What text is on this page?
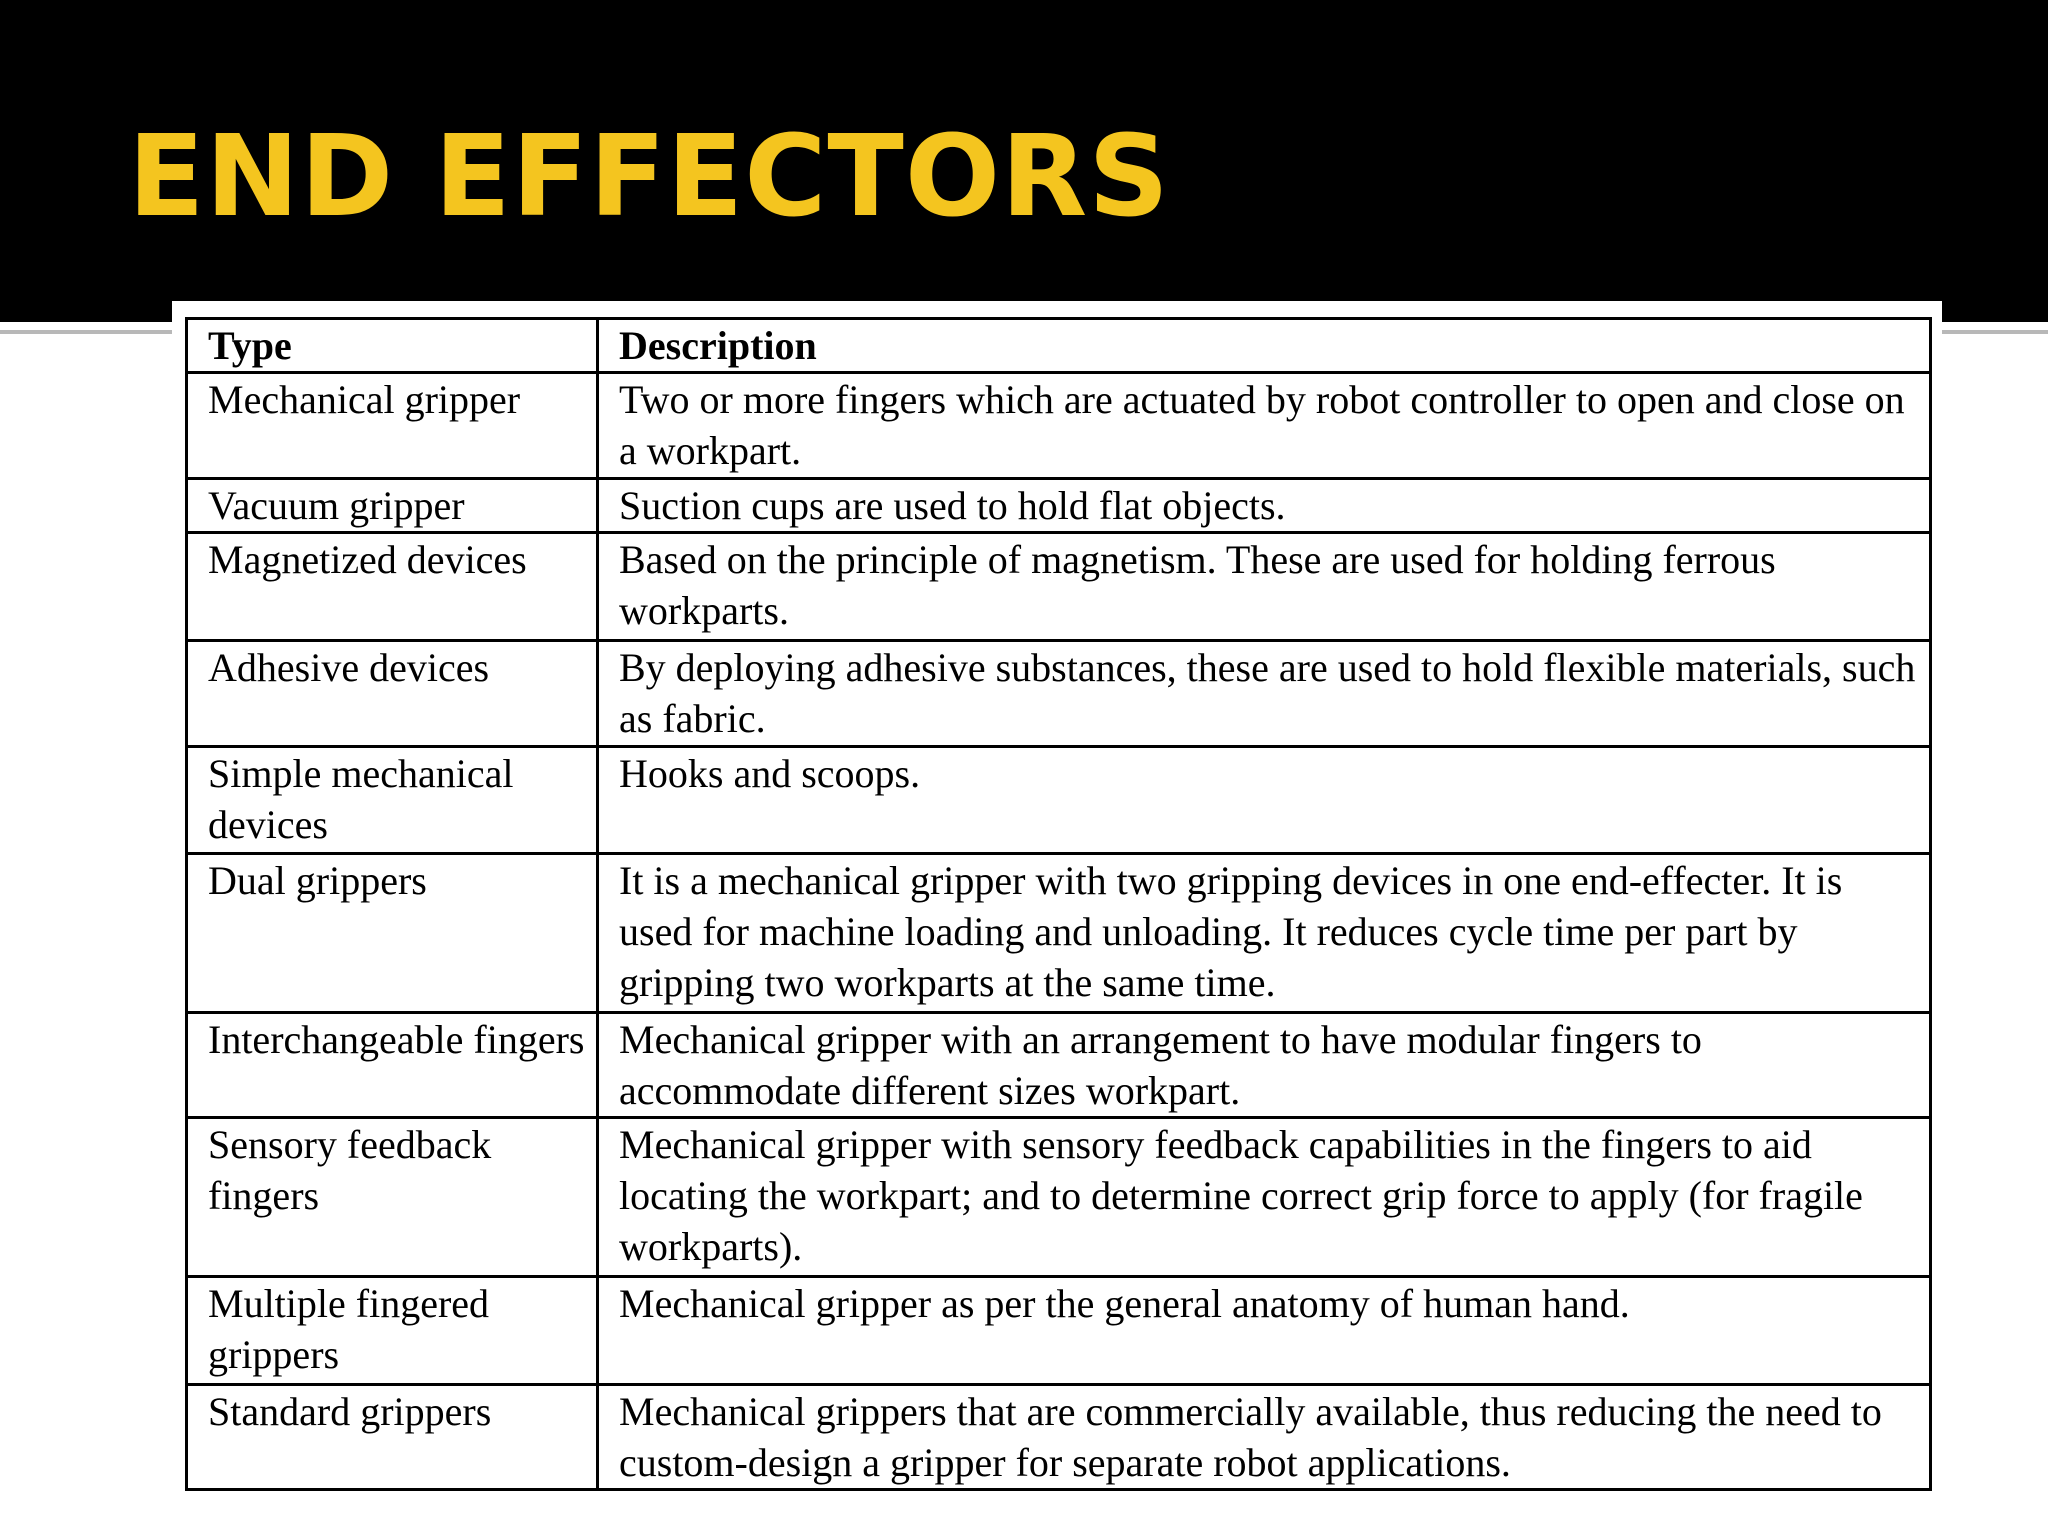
END EFFECTORS
Type	Description
Mechanical gripper	Two or more fingers which are actuated by robot controller to open and close on a workpart.
Vacuum gripper	Suction cups are used to hold flat objects.
Magnetized devices	Based on the principle of magnetism. These are used for holding ferrous workparts.
Adhesive devices	By deploying adhesive substances, these are used to hold flexible materials, such as fabric.
Simple mechanical devices	Hooks and scoops.
Dual grippers	It is a mechanical gripper with two gripping devices in one end-effecter. It is used for machine loading and unloading. It reduces cycle time per part by gripping two workparts at the same time.
Interchangeable fingers	Mechanical gripper with an arrangement to have modular fingers to accommodate different sizes workpart.
Sensory feedback fingers	Mechanical gripper with sensory feedback capabilities in the fingers to aid locating the workpart; and to determine correct grip force to apply (for fragile workparts).
Multiple fingered grippers	Mechanical gripper as per the general anatomy of human hand.
Standard grippers	Mechanical grippers that are commercially available, thus reducing the need to custom-design a gripper for separate robot applications.
